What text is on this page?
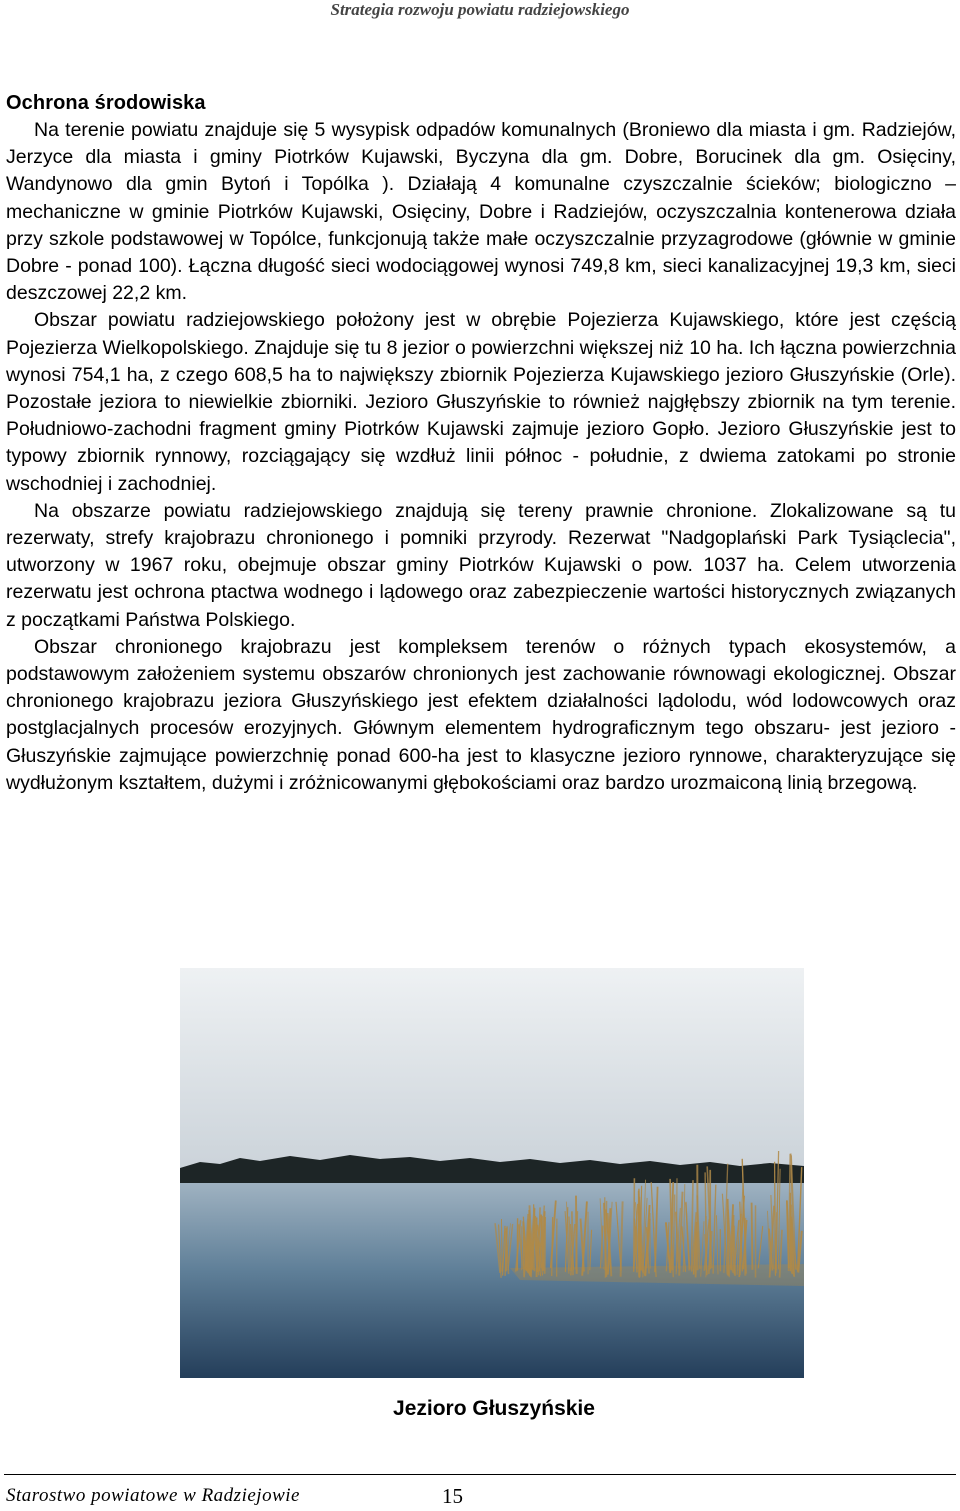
Strategia rozwoju powiatu radziejowskiego
Ochrona środowiska

Na terenie powiatu znajduje się 5 wysypisk odpadów komunalnych (Broniewo dla miasta i gm. Radziejów, Jerzyce dla miasta i gminy Piotrków Kujawski, Byczyna dla gm. Dobre, Borucinek dla gm. Osięciny, Wandynowo dla gmin Bytoń i Topólka ). Działają 4 komunalne czyszczalnie ścieków; biologiczno – mechaniczne w gminie Piotrków Kujawski, Osięciny, Dobre i Radziejów, oczyszczalnia kontenerowa działa przy szkole podstawowej w Topólce, funkcjonują także małe oczyszczalnie przyzagrodowe (głównie w gminie Dobre - ponad 100). Łączna długość sieci wodociągowej wynosi 749,8 km, sieci kanalizacyjnej 19,3 km, sieci deszczowej 22,2 km.

Obszar powiatu radziejowskiego położony jest w obrębie Pojezierza Kujawskiego, które jest częścią Pojezierza Wielkopolskiego. Znajduje się tu 8 jezior o powierzchni większej niż 10 ha. Ich łączna powierzchnia wynosi 754,1 ha, z czego 608,5 ha to największy zbiornik Pojezierza Kujawskiego jezioro Głuszyńskie (Orle). Pozostałe jeziora to niewielkie zbiorniki. Jezioro Głuszyńskie to również najgłębszy zbiornik na tym terenie. Południowo-zachodni fragment gminy Piotrków Kujawski zajmuje jezioro Gopło. Jezioro Głuszyńskie jest to typowy zbiornik rynnowy, rozciągający się wzdłuż linii północ - południe, z dwiema zatokami po stronie wschodniej i zachodniej.

Na obszarze powiatu radziejowskiego znajdują się tereny prawnie chronione. Zlokalizowane są tu rezerwaty, strefy krajobrazu chronionego i pomniki przyrody. Rezerwat "Nadgoplański Park Tysiąclecia", utworzony w 1967 roku, obejmuje obszar gminy Piotrków Kujawski o pow. 1037 ha. Celem utworzenia rezerwatu jest ochrona ptactwa wodnego i lądowego oraz zabezpieczenie wartości historycznych związanych z początkami Państwa Polskiego.

Obszar chronionego krajobrazu jest kompleksem terenów o różnych typach ekosystemów, a podstawowym założeniem systemu obszarów chronionych jest zachowanie równowagi ekologicznej. Obszar chronionego krajobrazu jeziora Głuszyńskiego jest efektem działalności lądolodu, wód lodowcowych oraz postglacjalnych procesów erozyjnych. Głównym elementem hydrograficznym tego obszaru- jest jezioro - Głuszyńskie zajmujące powierzchnię ponad 600-ha jest to klasyczne jezioro rynnowe, charakteryzujące się wydłużonym kształtem, dużymi i zróżnicowanymi głębokościami oraz bardzo urozmaiconą linią brzegową.

Jezioro Głuszyńskie
Starostwo powiatowe w Radziejowie	15
